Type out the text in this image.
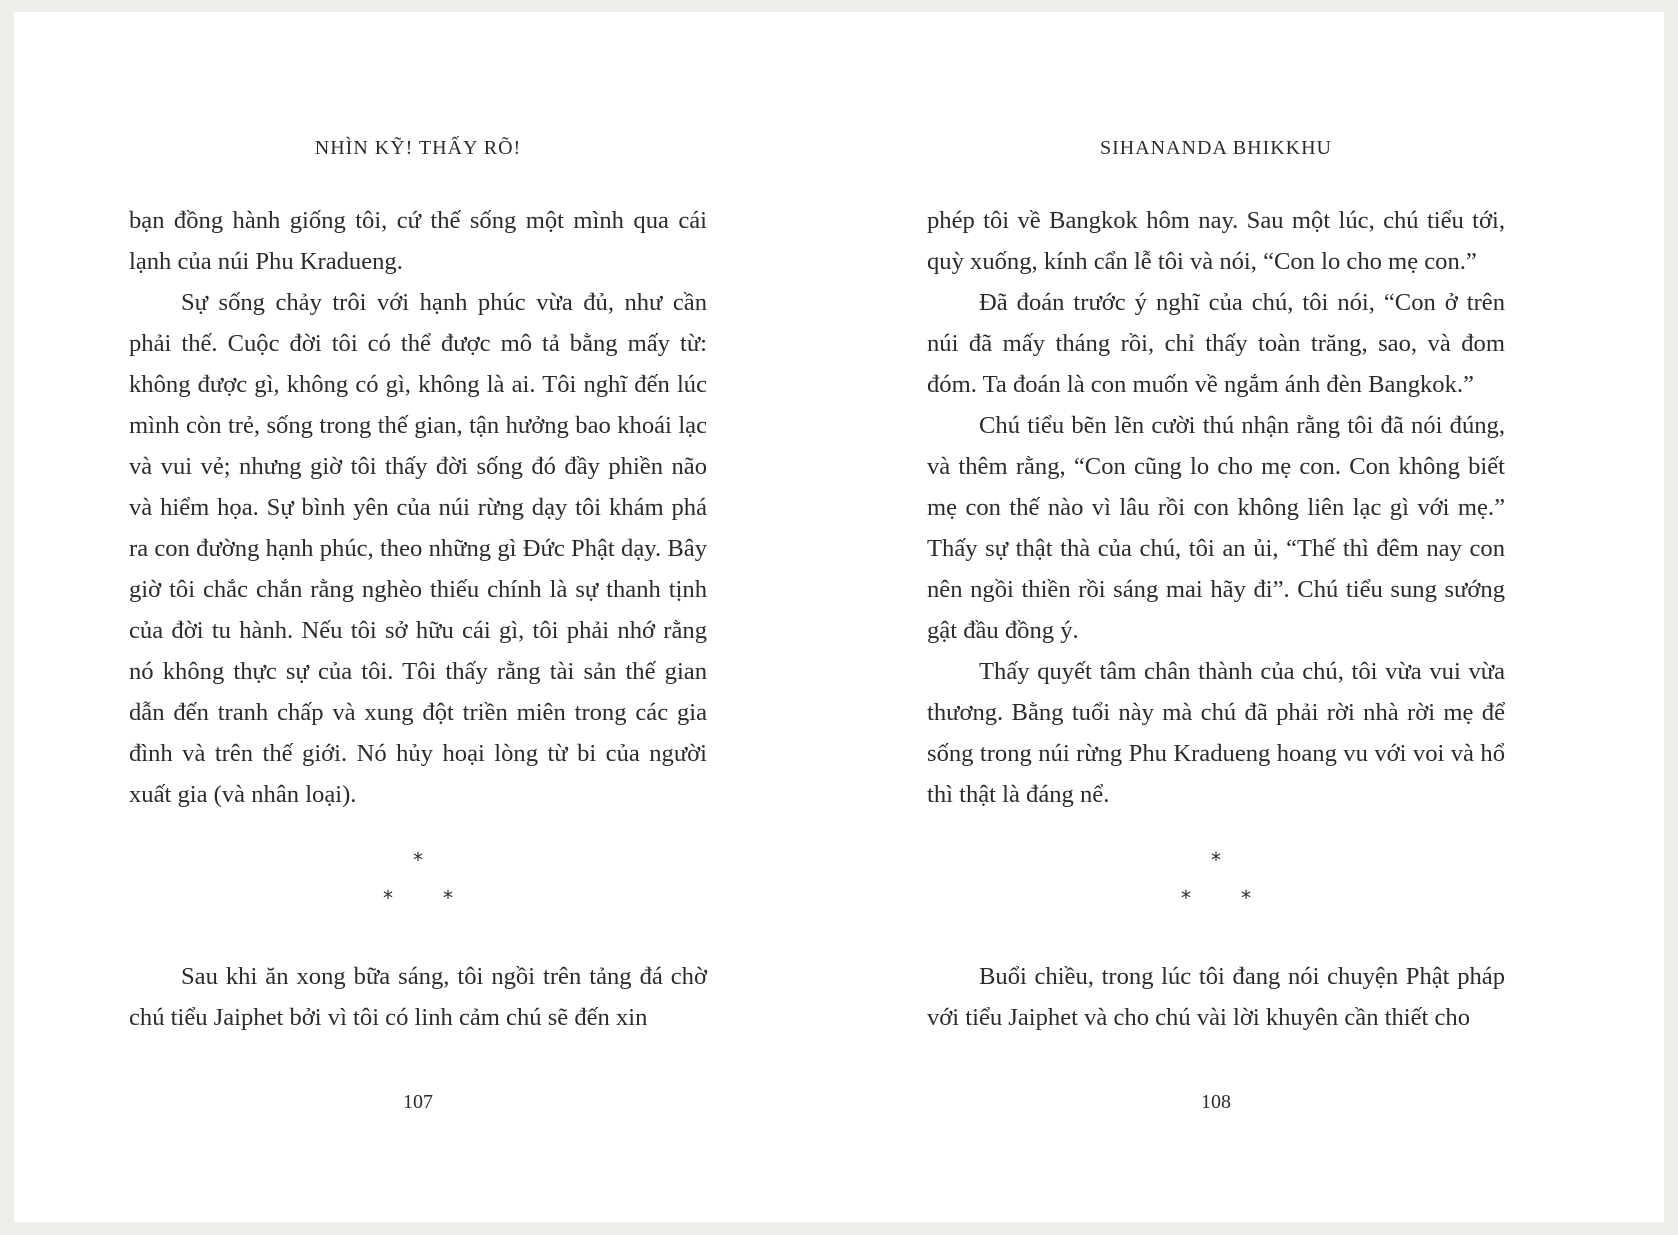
NHÌN KỸ! THẤY RÕ!

bạn đồng hành giống tôi, cứ thế sống một mình qua cái lạnh của núi Phu Kradueng.

Sự sống chảy trôi với hạnh phúc vừa đủ, như cần phải thế. Cuộc đời tôi có thể được mô tả bằng mấy từ: không được gì, không có gì, không là ai. Tôi nghĩ đến lúc mình còn trẻ, sống trong thế gian, tận hưởng bao khoái lạc và vui vẻ; nhưng giờ tôi thấy đời sống đó đầy phiền não và hiểm họa. Sự bình yên của núi rừng dạy tôi khám phá ra con đường hạnh phúc, theo những gì Đức Phật dạy. Bây giờ tôi chắc chắn rằng nghèo thiếu chính là sự thanh tịnh của đời tu hành. Nếu tôi sở hữu cái gì, tôi phải nhớ rằng nó không thực sự của tôi. Tôi thấy rằng tài sản thế gian dẫn đến tranh chấp và xung đột triền miên trong các gia đình và trên thế giới. Nó hủy hoại lòng từ bi của người xuất gia (và nhân loại).

*
*	*

Sau khi ăn xong bữa sáng, tôi ngồi trên tảng đá chờ chú tiểu Jaiphet bởi vì tôi có linh cảm chú sẽ đến xin

107
SIHANANDA BHIKKHU

phép tôi về Bangkok hôm nay. Sau một lúc, chú tiểu tới, quỳ xuống, kính cẩn lễ tôi và nói, “Con lo cho mẹ con.”

Đã đoán trước ý nghĩ của chú, tôi nói, “Con ở trên núi đã mấy tháng rồi, chỉ thấy toàn trăng, sao, và đom đóm. Ta đoán là con muốn về ngắm ánh đèn Bangkok.”

Chú tiểu bẽn lẽn cười thú nhận rằng tôi đã nói đúng, và thêm rằng, “Con cũng lo cho mẹ con. Con không biết mẹ con thế nào vì lâu rồi con không liên lạc gì với mẹ.” Thấy sự thật thà của chú, tôi an ủi, “Thế thì đêm nay con nên ngồi thiền rồi sáng mai hãy đi”. Chú tiểu sung sướng gật đầu đồng ý.

Thấy quyết tâm chân thành của chú, tôi vừa vui vừa thương. Bằng tuổi này mà chú đã phải rời nhà rời mẹ để sống trong núi rừng Phu Kradueng hoang vu với voi và hổ thì thật là đáng nể.

*
*	*

Buổi chiều, trong lúc tôi đang nói chuyện Phật pháp với tiểu Jaiphet và cho chú vài lời khuyên cần thiết cho

108
